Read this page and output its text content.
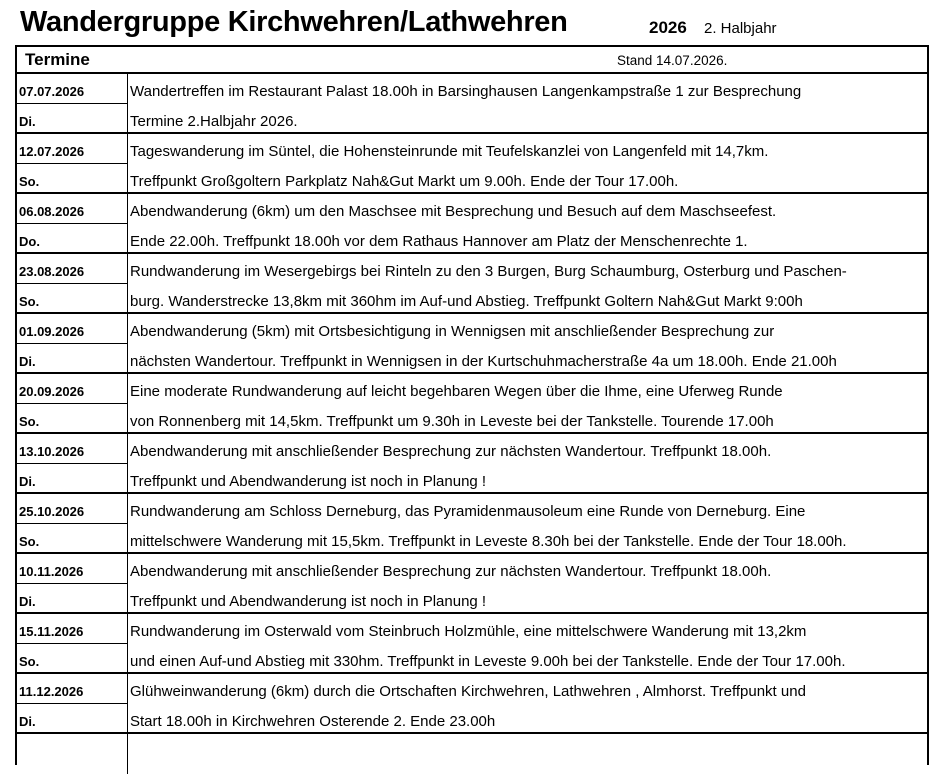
Wandergruppe Kirchwehren/Lathwehren	2026 2. Halbjahr
Termine	Stand 14.07.2026.
07.07.2026
Di.
Wandertreffen im Restaurant Palast 18.00h in Barsinghausen Langenkampstraße 1 zur Besprechung
Termine 2.Halbjahr 2026.
12.07.2026
So.
Tageswanderung im Süntel, die Hohensteinrunde mit Teufelskanzlei von Langenfeld mit 14,7km.
Treffpunkt Großgoltern Parkplatz Nah&Gut Markt um 9.00h. Ende der Tour 17.00h.
06.08.2026
Do.
Abendwanderung (6km) um den Maschsee mit Besprechung und Besuch auf dem Maschseefest.
Ende 22.00h. Treffpunkt 18.00h vor dem Rathaus Hannover am Platz der Menschenrechte 1.
23.08.2026
So.
Rundwanderung im Wesergebirgs bei Rinteln zu den 3 Burgen, Burg Schaumburg, Osterburg und Paschen-
burg. Wanderstrecke 13,8km mit 360hm im Auf-und Abstieg. Treffpunkt Goltern Nah&Gut Markt 9:00h
01.09.2026
Di.
Abendwanderung (5km) mit Ortsbesichtigung in Wennigsen mit anschließender Besprechung zur
nächsten Wandertour. Treffpunkt in Wennigsen in der Kurtschuhmacherstraße 4a um 18.00h. Ende 21.00h
20.09.2026
So.
Eine moderate Rundwanderung auf leicht begehbaren Wegen über die Ihme, eine Uferweg Runde
von Ronnenberg mit 14,5km. Treffpunkt um 9.30h in Leveste bei der Tankstelle. Tourende 17.00h
13.10.2026
Di.
Abendwanderung mit anschließender Besprechung zur nächsten Wandertour. Treffpunkt 18.00h.
Treffpunkt und Abendwanderung ist noch in Planung !
25.10.2026
So.
Rundwanderung am Schloss Derneburg, das Pyramidenmausoleum eine Runde von Derneburg. Eine
mittelschwere Wanderung mit 15,5km. Treffpunkt in Leveste 8.30h bei der Tankstelle. Ende der Tour 18.00h.
10.11.2026
Di.
Abendwanderung mit anschließender Besprechung zur nächsten Wandertour. Treffpunkt 18.00h.
Treffpunkt und Abendwanderung ist noch in Planung !
15.11.2026
So.
Rundwanderung im Osterwald vom Steinbruch Holzmühle, eine mittelschwere Wanderung mit 13,2km
und einen Auf-und Abstieg mit 330hm. Treffpunkt in Leveste 9.00h bei der Tankstelle. Ende der Tour 17.00h.
11.12.2026
Di.
Glühweinwanderung (6km) durch die Ortschaften Kirchwehren, Lathwehren , Almhorst. Treffpunkt und
Start 18.00h in Kirchwehren Osterende 2. Ende 23.00h
